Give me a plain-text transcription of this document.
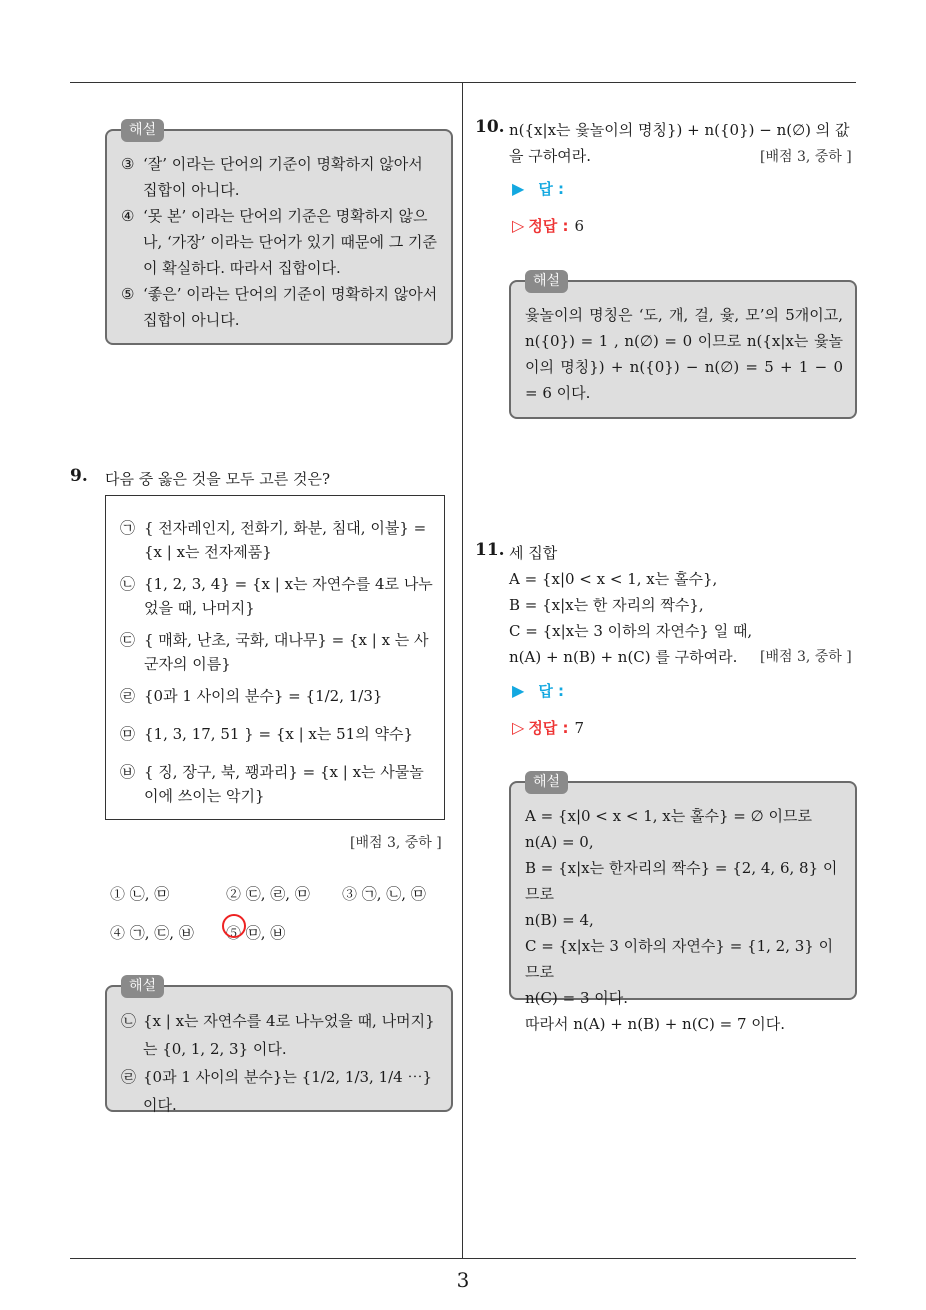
해설
③ ‘잘’ 이라는 단어의 기준이 명확하지 않아서 집합이 아니다.
④ ‘못 본’ 이라는 단어의 기준은 명확하지 않으나, ‘가장’ 이라는 단어가 있기 때문에 그 기준이 확실하다. 따라서 집합이다.
⑤ ‘좋은’ 이라는 단어의 기준이 명확하지 않아서 집합이 아니다.
9. 다음 중 옳은 것을 모두 고른 것은?
㉠ { 전자레인지, 전화기, 화분, 침대, 이불} = {x | x는 전자제품}
㉡ {1, 2, 3, 4} = {x | x는 자연수를 4로 나누었을 때, 나머지}
㉢ { 매화, 난초, 국화, 대나무} = {x | x 는 사군자의 이름}
㉣ {0과 1 사이의 분수} = {1/2, 1/3}
㉤ {1, 3, 17, 51 } = {x | x는 51의 약수}
㉥ { 징, 장구, 북, 꽹과리} = {x | x는 사물놀이에 쓰이는 악기}
[배점 3, 중하 ]
① ㉡, ㉤	② ㉢, ㉣, ㉤ ③ ㉠, ㉡, ㉤
④ ㉠, ㉢, ㉥ ⑤ ㉤, ㉥
해설
㉡ {x | x는 자연수를 4로 나누었을 때, 나머지} 는 {0, 1, 2, 3} 이다.
㉣ {0과 1 사이의 분수}는 {1/2, 1/3, 1/4 ⋯} 이다.
10. n({x|x는 윷놀이의 명칭}) + n({0}) − n(∅) 의 값을 구하여라.	[배점 3, 중하 ]
▶ 답 :
▷ 정답 : 6
해설
윷놀이의 명칭은 ‘도, 개, 걸, 윷, 모’의 5개이고, n({0}) = 1 , n(∅) = 0 이므로 n({x|x는 윷놀이의 명칭}) + n({0}) − n(∅) = 5 + 1 − 0 = 6 이다.
11. 세 집합
A = {x|0 < x < 1, x는 홀수},
B = {x|x는 한 자리의 짝수},
C = {x|x는 3 이하의 자연수} 일 때,
n(A) + n(B) + n(C) 를 구하여라.	[배점 3, 중하 ]
▶ 답 :
▷ 정답 : 7
해설
A = {x|0 < x < 1, x는 홀수} = ∅ 이므로
n(A) = 0,
B = {x|x는 한자리의 짝수} = {2, 4, 6, 8} 이므로
n(B) = 4,
C = {x|x는 3 이하의 자연수} = {1, 2, 3} 이므로
n(C) = 3 이다.
따라서 n(A) + n(B) + n(C) = 7 이다.
3
